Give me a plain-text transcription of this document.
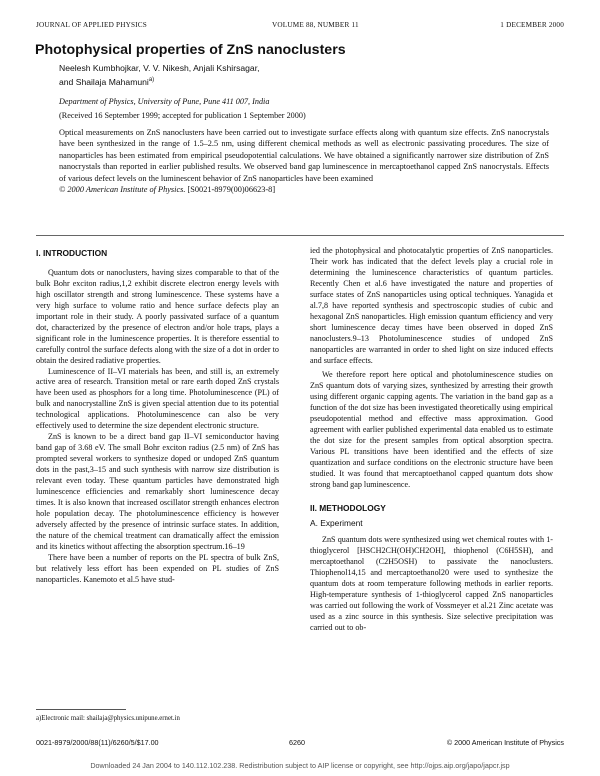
JOURNAL OF APPLIED PHYSICS	VOLUME 88, NUMBER 11	1 DECEMBER 2000
Photophysical properties of ZnS nanoclusters
Neelesh Kumbhojkar, V. V. Nikesh, Anjali Kshirsagar,
and Shailaja Mahamuni$^{a)}$
Department of Physics, University of Pune, Pune 411 007, India
(Received 16 September 1999; accepted for publication 1 September 2000)
Optical measurements on ZnS nanoclusters have been carried out to investigate surface effects along with quantum size effects. ZnS nanocrystals have been synthesized in the range of 1.5–2.5 nm, using different chemical methods as well as electronic passivating procedures. The size of nanoparticles has been estimated from empirical pseudopotential calculations. We have obtained a significantly narrower size distribution of ZnS nanocrystals than reported in earlier published results. We observed band gap luminescence in mercaptoethanol capped ZnS nanocrystals. Effects of various defect levels on the luminescent behavior of ZnS nanoparticles have been examined
© 2000 American Institute of Physics. [S0021-8979(00)06623-8]
I. INTRODUCTION

Quantum dots or nanoclusters, having sizes comparable to that of the bulk Bohr exciton radius,1,2 exhibit discrete electron energy levels with high oscillator strength and strong luminescence. These systems have a very high surface to volume ratio and hence surface defects play an important role in their study. A poorly passivated surface of a quantum dot, characterized by the presence of electron and/or hole traps, plays a significant role in the luminescence properties. It is therefore essential to carefully control the surface defects along with the size of a dot in order to obtain the desired radiative properties.

Luminescence of II–VI materials has been, and still is, an extremely active area of research. Transition metal or rare earth doped ZnS crystals have been used as phosphors for a long time. Photoluminescence (PL) of bulk and nanocrystalline ZnS is given special attention due to its potential technological applications. Photoluminescence can also be very effectively used to determine the size dependent electronic structure.

ZnS is known to be a direct band gap II–VI semiconductor having band gap of 3.68 eV. The small Bohr exciton radius (2.5 nm) of ZnS has prompted several workers to synthesize doped or undoped ZnS quantum dots in the past,3–15 and such synthesis with narrow size distribution is relevant even today. These quantum particles have demonstrated high luminescence efficiencies and remarkably short luminescence decay times. It is also known that increased oscillator strength enhances electron hole population decay. The photoluminescence efficiency is however adversely affected by the presence of intrinsic surface states. In addition, the nature of the chemical treatment can dramatically affect the emission and its kinetics without affecting the absorption spectrum.16–19

There have been a number of reports on the PL spectra of bulk ZnS, but relatively less effort has been expended on PL studies of ZnS nanoparticles. Kanemoto et al.5 have stud-

ied the photophysical and photocatalytic properties of ZnS nanoparticles. Their work has indicated that the defect levels play a crucial role in determining the luminescence characteristics of quantum particles. Recently Chen et al.6 have investigated the nature and properties of surface states of ZnS nanoparticles using optical techniques. Yanagida et al.7,8 have reported synthesis and spectroscopic studies of cubic and hexagonal ZnS nanoparticles. High emission quantum efficiency and very short luminescence decay times have been observed in doped ZnS nanoclusters.9–13 Photoluminescence studies of undoped ZnS nanoparticles are warranted in order to shed light on size induced effects and surface effects.

We therefore report here optical and photoluminescence studies on ZnS quantum dots of varying sizes, synthesized by arresting their growth using different organic capping agents. The variation in the band gap as a function of the dot size has been investigated theoretically using empirical pseudopotential method and effective mass approximation. Good agreement with earlier published experimental data enabled us to estimate the dot size for the present samples from optical absorption spectra. Various PL transitions have been identified and the effects of size quantization and surface conditions on the electronic structure have been studied. It was found that mercaptoethanol capped quantum dots show strong band gap luminescence.

II. METHODOLOGY
A. Experiment

ZnS quantum dots were synthesized using wet chemical routes with 1-thioglycerol [HSCH2CH(OH)CH2OH], thiophenol (C6H5SH), and mercaptoethanol (C2H5OSH) to passivate the nanoclusters. Thiophenol14,15 and mercaptoethanol20 were used to synthesize the quantum dots at room temperature following methods in earlier reports. High-temperature synthesis of 1-thioglycerol capped ZnS nanoparticles was carried out following the work of Vossmeyer et al.21 Zinc acetate was used as a zinc source in this synthesis. Size selective precipitation was carried out to ob-

a)Electronic mail: shailaja@physics.unipune.ernet.in
0021-8979/2000/88(11)/6260/5/$17.00	6260	© 2000 American Institute of Physics
Downloaded 24 Jan 2004 to 140.112.102.238. Redistribution subject to AIP license or copyright, see http://ojps.aip.org/japo/japcr.jsp
